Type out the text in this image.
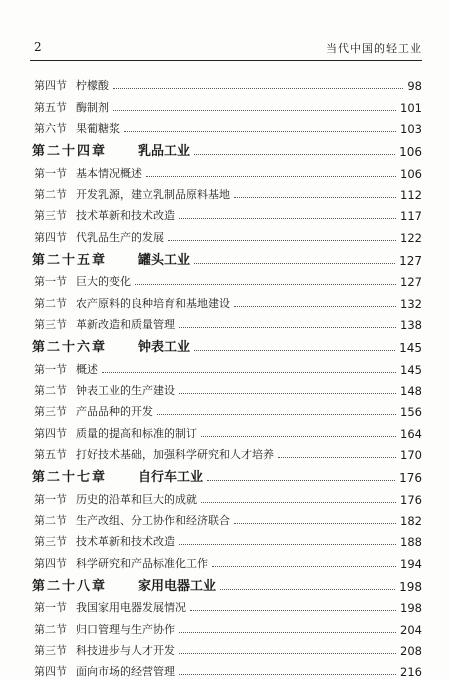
2	当代中国的轻工业
第四节 柠檬酸	98
第五节 酶制剂	101
第六节 果葡糖浆	103
第二十四章	乳品工业	106
第一节 基本情况概述	106
第二节 开发乳源，建立乳制品原料基地	112
第三节 技术革新和技术改造	117
第四节 代乳品生产的发展	122
第二十五章	罐头工业	127
第一节 巨大的变化	127
第二节 农产原料的良种培育和基地建设	132
第三节 革新改造和质量管理	138
第二十六章	钟表工业	145
第一节 概述	145
第二节 钟表工业的生产建设	148
第三节 产品品种的开发	156
第四节 质量的提高和标准的制订	164
第五节 打好技术基础，加强科学研究和人才培养	170
第二十七章	自行车工业	176
第一节 历史的沿革和巨大的成就	176
第二节 生产改组、分工协作和经济联合	182
第三节 技术革新和技术改造	188
第四节 科学研究和产品标准化工作	194
第二十八章	家用电器工业	198
第一节 我国家用电器发展情况	198
第二节 归口管理与生产协作	204
第三节 科技进步与人才开发	208
第四节 面向市场的经营管理	216
